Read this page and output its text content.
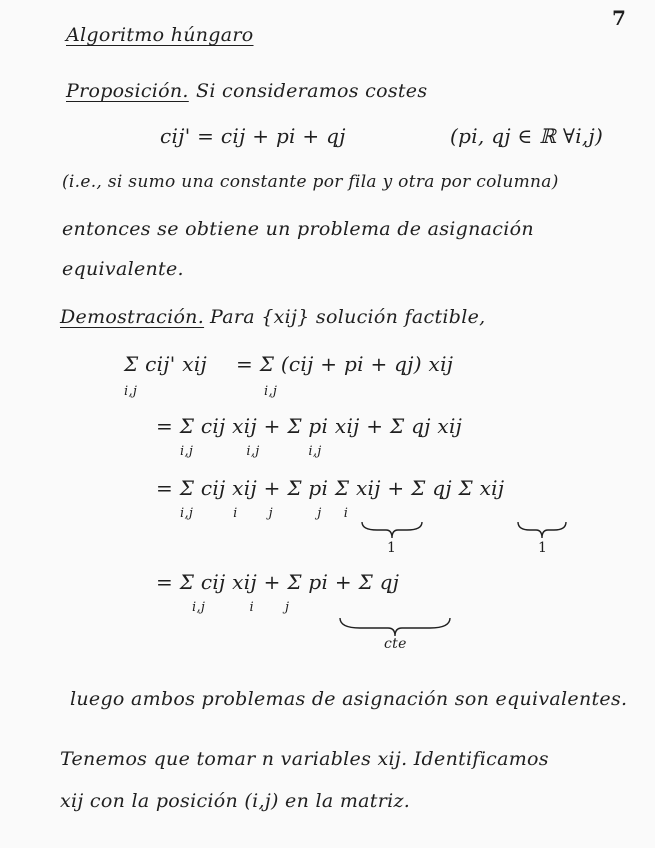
7
Algoritmo húngaro
Proposición. Si consideramos costes
cij' = cij + pi + qj	(pi, qj ∈ ℝ ∀i,j)
(i.e., si sumo una constante por fila y otra por columna)
entonces se obtiene un problema de asignación
equivalente.
Demostración. Para {xij} solución factible,
Σ cij' xij
i,j
= Σ (cij + pi + qj) xij
i,j
= Σ cij xij + Σ pi xij + Σ qj xij
i,j            i,j           i,j
= Σ cij xij + Σ pi Σ xij + Σ qj Σ xij
i,j         i       j          j     i
1	1
= Σ cij xij + Σ pi + Σ qj
i,j          i       j
cte
luego ambos problemas de asignación son equivalentes.
Tenemos que tomar n variables xij. Identificamos
xij con la posición (i,j) en la matriz.
